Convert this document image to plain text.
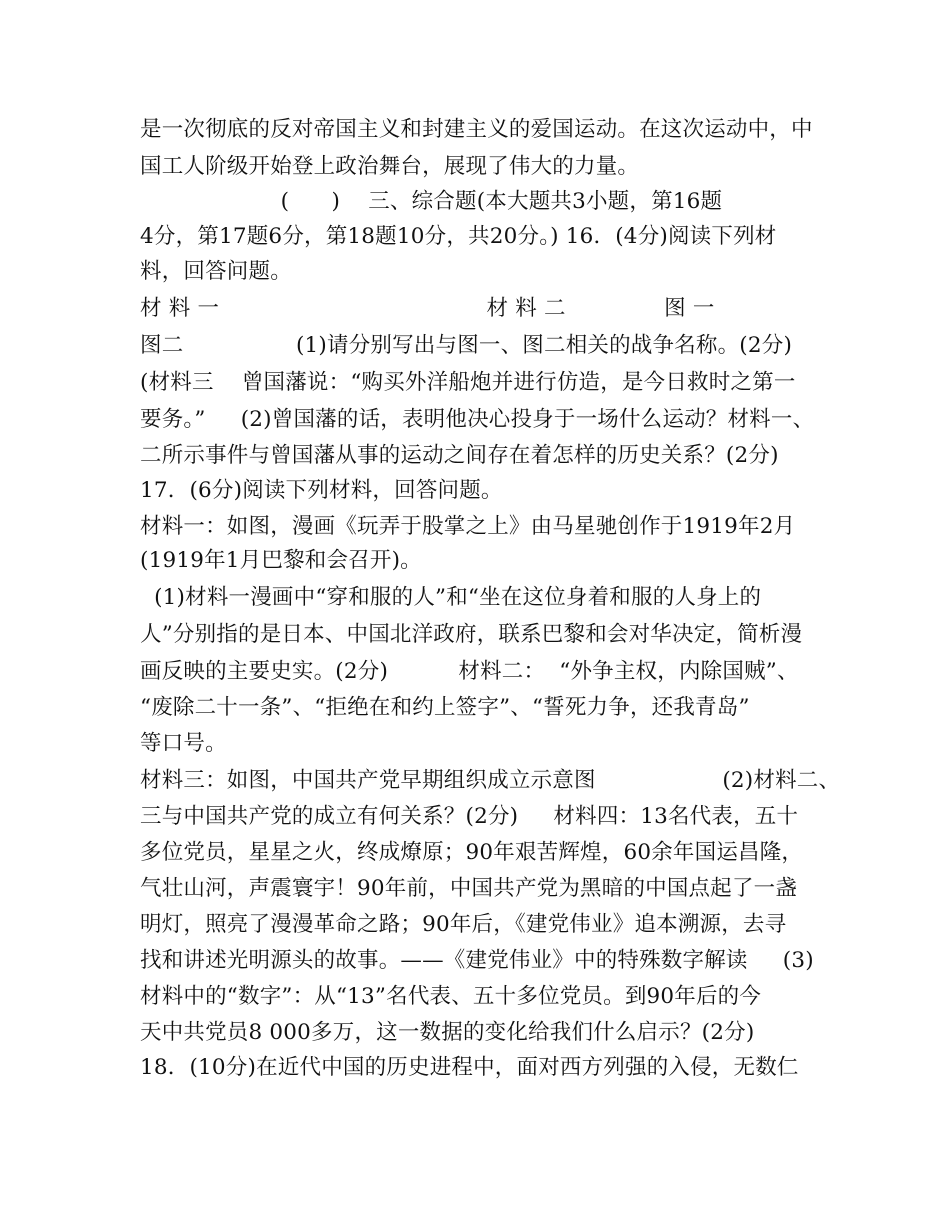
是一次彻底的反对帝国主义和封建主义的爱国运动。在这次运动中，中
国工人阶级开始登上政治舞台，展现了伟大的力量。
(      )    三、综合题(本大题共3小题，第16题
4分，第17题6分，第18题10分，共20分。) 16．(4分)阅读下列材
料，回答问题。
材 料 一                                      材 料 二              图 一
图二                (1)请分别写出与图一、图二相关的战争名称。(2分)
(材料三    曾国藩说：“购买外洋船炮并进行仿造，是今日救时之第一
要务。”     (2)曾国藩的话，表明他决心投身于一场什么运动？材料一、
二所示事件与曾国藩从事的运动之间存在着怎样的历史关系？(2分)
17．(6分)阅读下列材料，回答问题。
材料一：如图，漫画《玩弄于股掌之上》由马星驰创作于1919年2月
(1919年1月巴黎和会召开)。
(1)材料一漫画中“穿和服的人”和“坐在这位身着和服的人身上的
人”分别指的是日本、中国北洋政府，联系巴黎和会对华决定，简析漫
画反映的主要史实。(2分)          材料二：  “外争主权，内除国贼”、
“废除二十一条”、“拒绝在和约上签字”、“誓死力争，还我青岛”
等口号。
材料三：如图，中国共产党早期组织成立示意图                  (2)材料二、
三与中国共产党的成立有何关系？(2分)     材料四：13名代表，五十
多位党员，星星之火，终成燎原；90年艰苦辉煌，60余年国运昌隆，
气壮山河，声震寰宇！90年前，中国共产党为黑暗的中国点起了一盏
明灯，照亮了漫漫革命之路；90年后，《建党伟业》追本溯源，去寻
找和讲述光明源头的故事。——《建党伟业》中的特殊数字解读     (3)
材料中的“数字”：从“13”名代表、五十多位党员。到90年后的今
天中共党员8 000多万，这一数据的变化给我们什么启示？(2分)
18．(10分)在近代中国的历史进程中，面对西方列强的入侵，无数仁
